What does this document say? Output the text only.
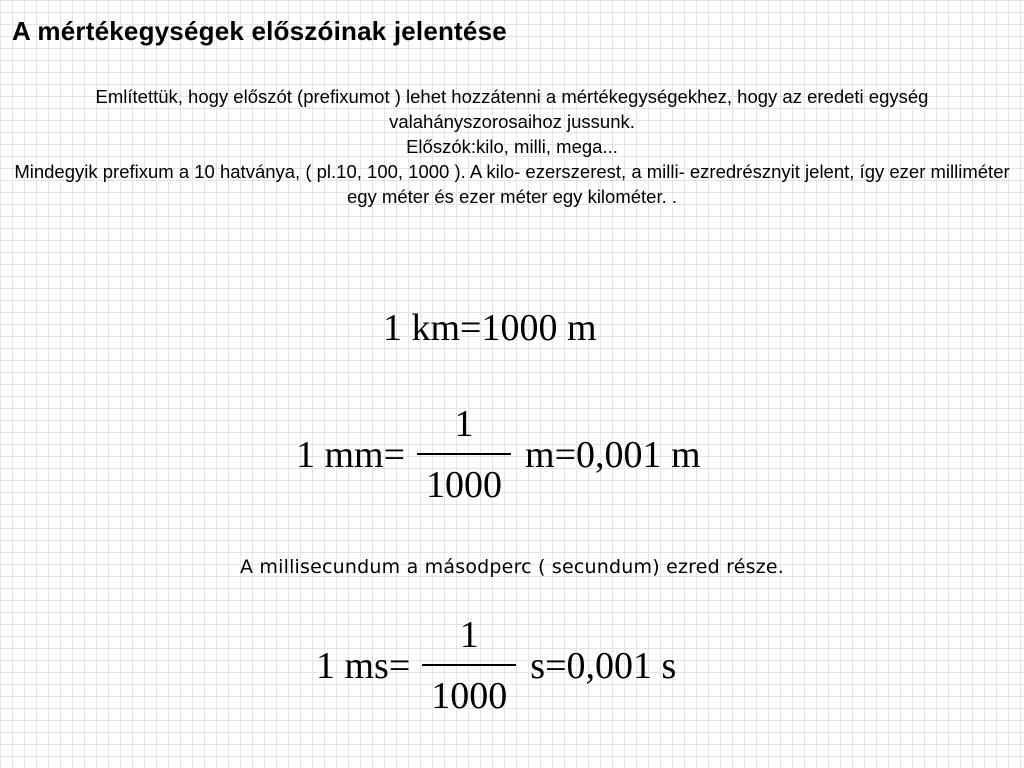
A mértékegységek előszóinak jelentése

Említettük, hogy előszót (prefixumot ) lehet hozzátenni a mértékegységekhez, hogy az eredeti egység valahányszorosaihoz jussunk.

Előszók:kilo, milli, mega...

Mindegyik prefixum a 10 hatványa, ( pl.10, 100, 1000 ). A kilo- ezerszerest, a milli- ezredrésznyit jelent, így ezer milliméter egy méter és ezer méter egy kilométer. .

1 km=1000 m
1 $mm= \frac{1}{1000} m=0,001$ m
A millisecundum a másodperc ( secundum) ezred része.
1 $ms= \frac{1}{1000} s=0,001$ s
